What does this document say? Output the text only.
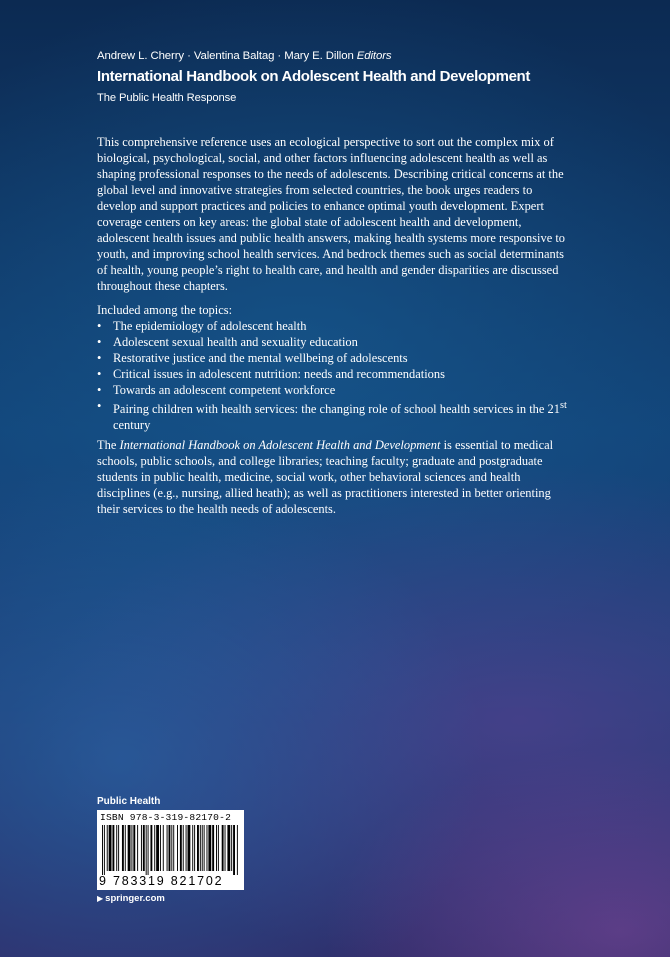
Andrew L. Cherry · Valentina Baltag · Mary E. Dillon Editors
International Handbook on Adolescent Health and Development
The Public Health Response

This comprehensive reference uses an ecological perspective to sort out the complex mix of biological, psychological, social, and other factors influencing adolescent health as well as shaping professional responses to the needs of adolescents. Describing critical concerns at the global level and innovative strategies from selected countries, the book urges readers to develop and support practices and policies to enhance optimal youth development. Expert coverage centers on key areas: the global state of adolescent health and development, adolescent health issues and public health answers, making health systems more responsive to youth, and improving school health services. And bedrock themes such as social determinants of health, young people’s right to health care, and health and gender disparities are discussed throughout these chapters.

Included among the topics:

• The epidemiology of adolescent health
• Adolescent sexual health and sexuality education
• Restorative justice and the mental wellbeing of adolescents
• Critical issues in adolescent nutrition: needs and recommendations
• Towards an adolescent competent workforce
• Pairing children with health services: the changing role of school health services in the 21st century

The International Handbook on Adolescent Health and Development is essential to medical schools, public schools, and college libraries; teaching faculty; graduate and postgraduate students in public health, medicine, social work, other behavioral sciences and health disciplines (e.g., nursing, allied heath); as well as practitioners interested in better orienting their services to the health needs of adolescents.

Public Health
ISBN 978-3-319-82170-2
9 783319 821702
▶ springer.com
